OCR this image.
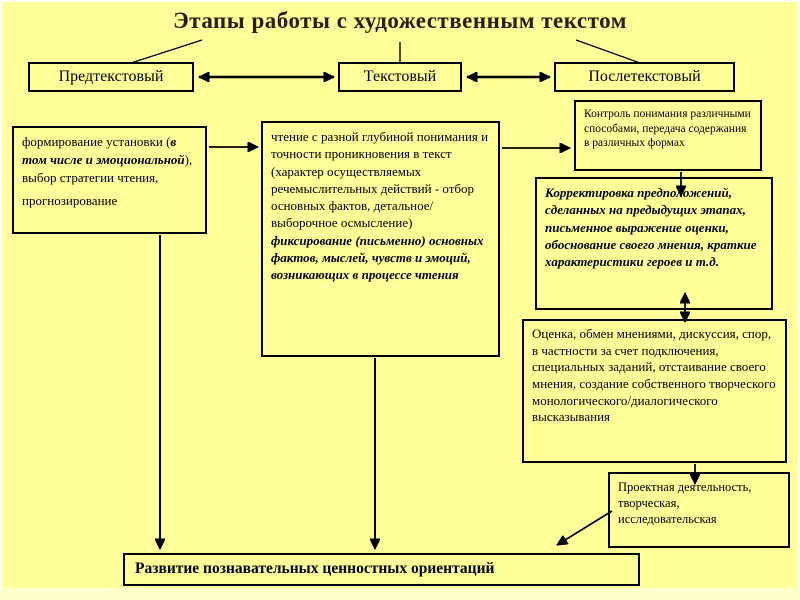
Этапы работы с художественным текстом
Предтекстовый	Текстовый	Послетекстовый
формирование установки (в том числе и эмоциональной), выбор стратегии чтения,
прогнозирование
чтение с разной глубиной понимания и точности проникновения в текст (характер осуществляемых речемыслительных действий - отбор основных фактов, детальное/ выборочное осмысление)
фиксирование (письменно) основных фактов, мыслей, чувств и эмоций, возникающих в процессе чтения
Контроль понимания различными способами, передача содержания в различных формах
Корректировка предположений, сделанных на предыдущих этапах, письменное выражение оценки, обоснование своего мнения, краткие характеристики героев и т.д.
Оценка, обмен мнениями, дискуссия, спор, в частности за счет подключения, специальных заданий, отстаивание своего мнения, создание собственного творческого монологического/диалогического высказывания
Проектная деятельность, творческая, исследовательская
Развитие познавательных ценностных ориентаций
